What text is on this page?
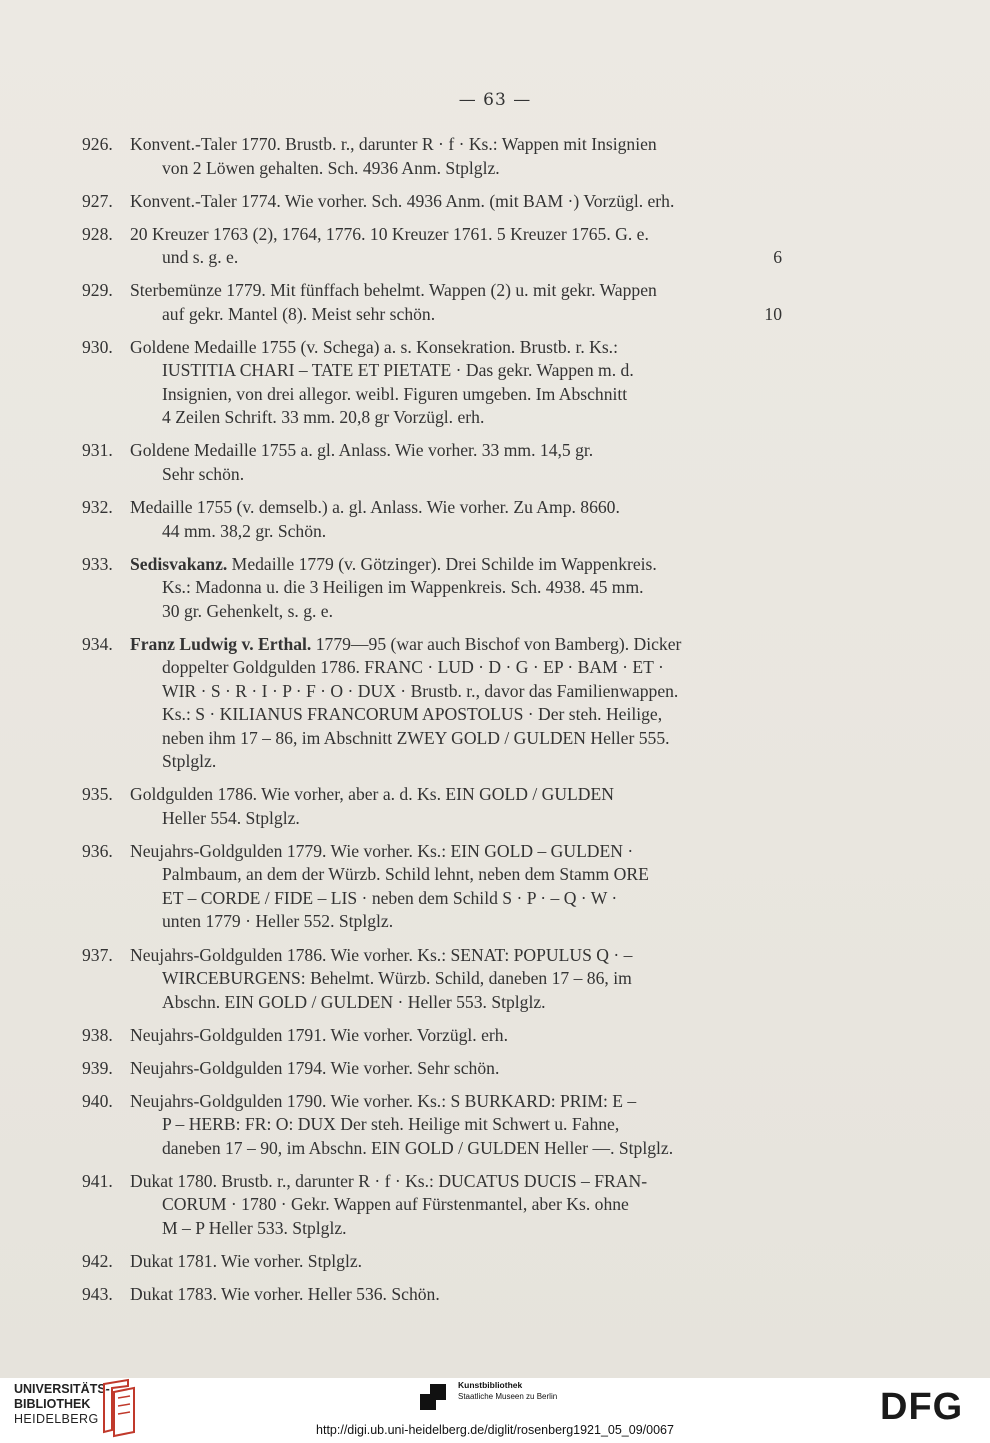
— 63 —
926. Konvent.-Taler 1770. Brustb. r., darunter R · f · Ks.: Wappen mit Insignien
von 2 Löwen gehalten. Sch. 4936 Anm. Stplglz.
927. Konvent.-Taler 1774. Wie vorher. Sch. 4936 Anm. (mit BAM ·) Vorzügl. erh.
928. 20 Kreuzer 1763 (2), 1764, 1776. 10 Kreuzer 1761. 5 Kreuzer 1765. G. e.
und s. g. e.	6
929. Sterbemünze 1779. Mit fünffach behelmt. Wappen (2) u. mit gekr. Wappen
auf gekr. Mantel (8). Meist sehr schön.	10
930. Goldene Medaille 1755 (v. Schega) a. s. Konsekration. Brustb. r. Ks.:
IUSTITIA CHARI – TATE ET PIETATE · Das gekr. Wappen m. d.
Insignien, von drei allegor. weibl. Figuren umgeben. Im Abschnitt
4 Zeilen Schrift. 33 mm. 20,8 gr Vorzügl. erh.
931. Goldene Medaille 1755 a. gl. Anlass. Wie vorher. 33 mm. 14,5 gr.
Sehr schön.
932. Medaille 1755 (v. demselb.) a. gl. Anlass. Wie vorher. Zu Amp. 8660.
44 mm. 38,2 gr. Schön.
933. Sedisvakanz. Medaille 1779 (v. Götzinger). Drei Schilde im Wappenkreis.
Ks.: Madonna u. die 3 Heiligen im Wappenkreis. Sch. 4938. 45 mm.
30 gr. Gehenkelt, s. g. e.
934. Franz Ludwig v. Erthal. 1779—95 (war auch Bischof von Bamberg). Dicker
doppelter Goldgulden 1786. FRANC · LUD · D · G · EP · BAM · ET ·
WIR · S · R · I · P · F · O · DUX · Brustb. r., davor das Familienwappen.
Ks.: S · KILIANUS FRANCORUM APOSTOLUS · Der steh. Heilige,
neben ihm 17 – 86, im Abschnitt ZWEY GOLD / GULDEN Heller 555.
Stplglz.
935. Goldgulden 1786. Wie vorher, aber a. d. Ks. EIN GOLD / GULDEN
Heller 554. Stplglz.
936. Neujahrs-Goldgulden 1779. Wie vorher. Ks.: EIN GOLD – GULDEN ·
Palmbaum, an dem der Würzb. Schild lehnt, neben dem Stamm ORE
ET – CORDE / FIDE – LIS · neben dem Schild S · P · – Q · W ·
unten 1779 · Heller 552. Stplglz.
937. Neujahrs-Goldgulden 1786. Wie vorher. Ks.: SENAT: POPULUS Q · –
WIRCEBURGENS: Behelmt. Würzb. Schild, daneben 17 – 86, im
Abschn. EIN GOLD / GULDEN · Heller 553. Stplglz.
938. Neujahrs-Goldgulden 1791. Wie vorher. Vorzügl. erh.
939. Neujahrs-Goldgulden 1794. Wie vorher. Sehr schön.
940. Neujahrs-Goldgulden 1790. Wie vorher. Ks.: S BURKARD: PRIM: E –
P – HERB: FR: O: DUX Der steh. Heilige mit Schwert u. Fahne,
daneben 17 – 90, im Abschn. EIN GOLD / GULDEN Heller —. Stplglz.
941. Dukat 1780. Brustb. r., darunter R · f · Ks.: DUCATUS DUCIS – FRAN-
CORUM · 1780 · Gekr. Wappen auf Fürstenmantel, aber Ks. ohne
M – P Heller 533. Stplglz.
942. Dukat 1781. Wie vorher. Stplglz.
943. Dukat 1783. Wie vorher. Heller 536. Schön.
UNIVERSITÄTS-
BIBLIOTHEK
HEIDELBERG
Kunstbibliothek
Staatliche Museen zu Berlin	DFG
http://digi.ub.uni-heidelberg.de/diglit/rosenberg1921_05_09/0067
